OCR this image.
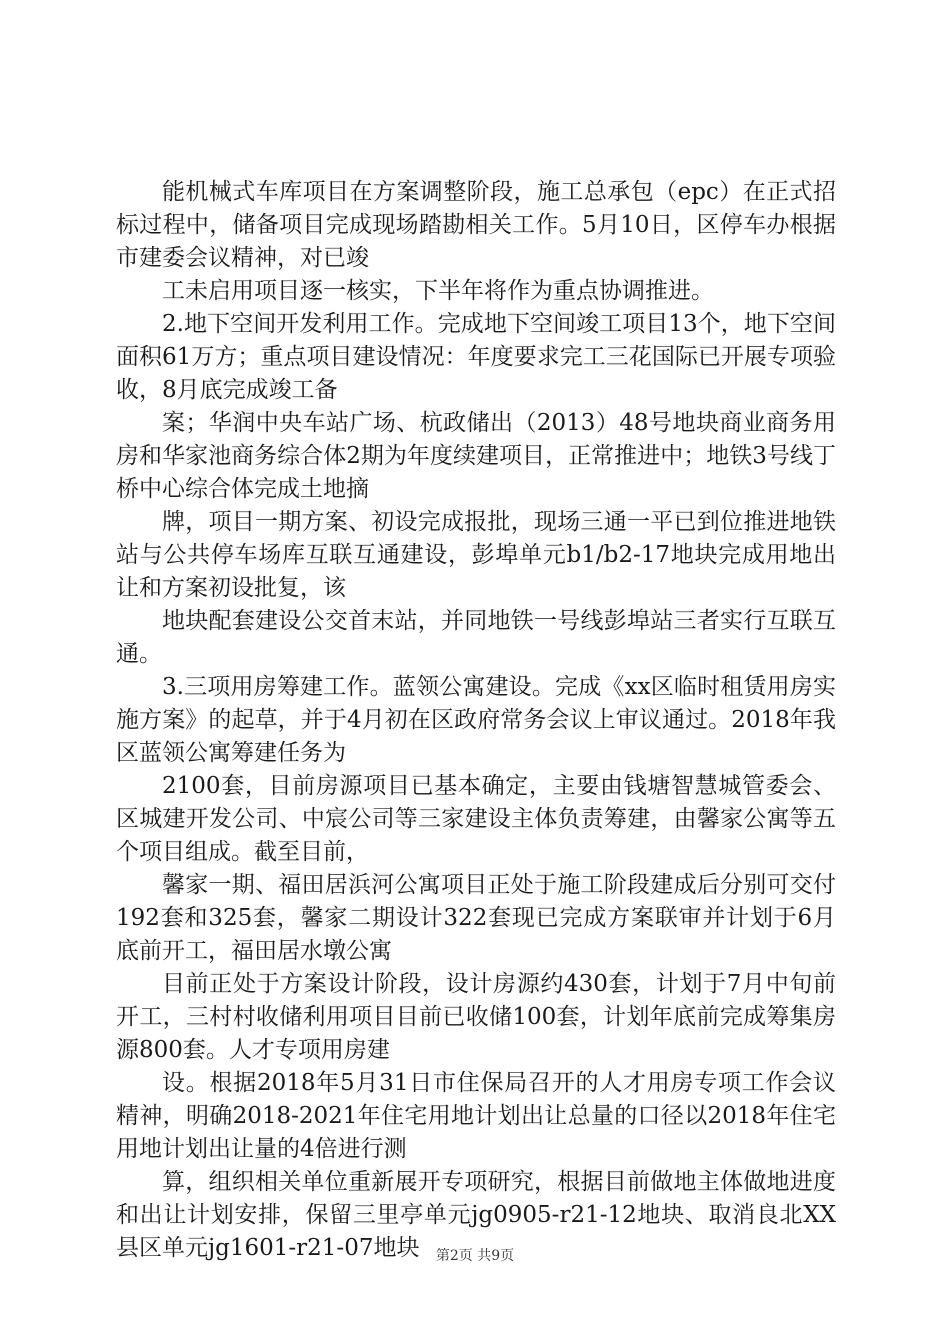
能机械式车库项目在方案调整阶段，施工总承包（epc）在正式招标过程中，储备项目完成现场踏勘相关工作。5月10日，区停车办根据市建委会议精神，对已竣

工未启用项目逐一核实，下半年将作为重点协调推进。

2.地下空间开发利用工作。完成地下空间竣工项目13个，地下空间面积61万方；重点项目建设情况：年度要求完工三花国际已开展专项验收，8月底完成竣工备

案；华润中央车站广场、杭政储出（2013）48号地块商业商务用房和华家池商务综合体2期为年度续建项目，正常推进中；地铁3号线丁桥中心综合体完成土地摘

牌，项目一期方案、初设完成报批，现场三通一平已到位推进地铁站与公共停车场库互联互通建设，彭埠单元b1/b2-17地块完成用地出让和方案初设批复，该

地块配套建设公交首末站，并同地铁一号线彭埠站三者实行互联互通。

3.三项用房筹建工作。蓝领公寓建设。完成《xx区临时租赁用房实施方案》的起草，并于4月初在区政府常务会议上审议通过。2018年我区蓝领公寓筹建任务为

2100套，目前房源项目已基本确定，主要由钱塘智慧城管委会、区城建开发公司、中宸公司等三家建设主体负责筹建，由馨家公寓等五个项目组成。截至目前，

馨家一期、福田居浜河公寓项目正处于施工阶段建成后分别可交付192套和325套，馨家二期设计322套现已完成方案联审并计划于6月底前开工，福田居水墩公寓

目前正处于方案设计阶段，设计房源约430套，计划于7月中旬前开工，三村村收储利用项目目前已收储100套，计划年底前完成筹集房源800套。人才专项用房建

设。根据2018年5月31日市住保局召开的人才用房专项工作会议精神，明确2018-2021年住宅用地计划出让总量的口径以2018年住宅用地计划出让量的4倍进行测

算，组织相关单位重新展开专项研究，根据目前做地主体做地进度和出让计划安排，保留三里亭单元jg0905-r21-12地块、取消良北XX县区单元jg1601-r21-07地块	第2页 共9页
